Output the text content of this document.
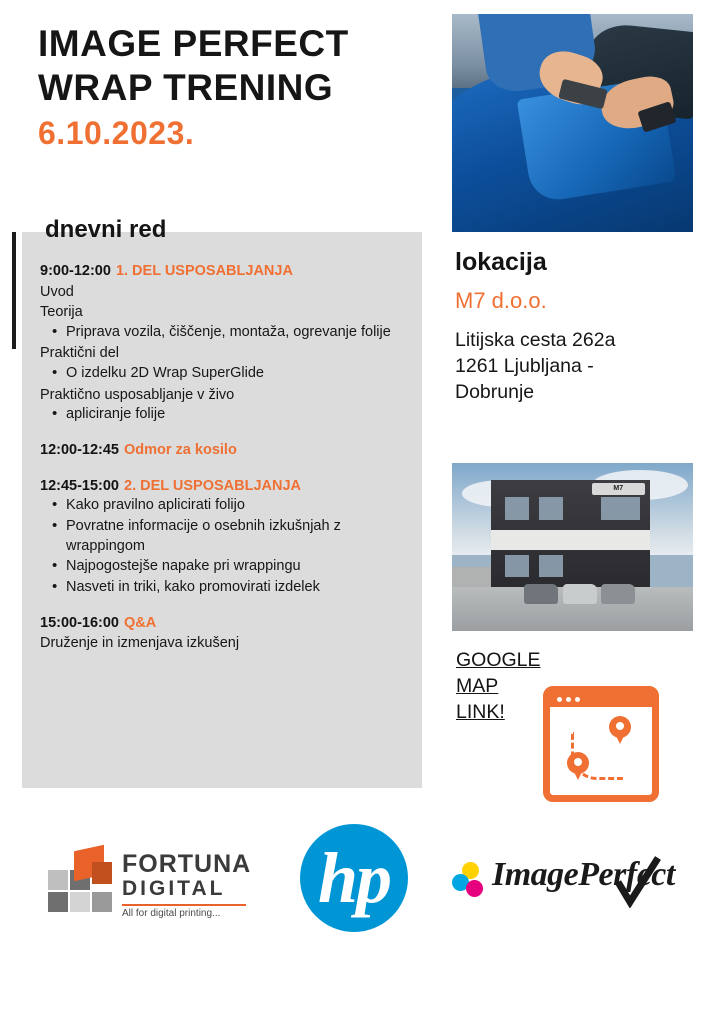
IMAGE PERFECT
WRAP TRENING
6.10.2023.
dnevni red
9:00-12:00 1. DEL USPOSABLJANJA
Uvod
Teorija
• Priprava vozila, čiščenje, montaža, ogrevanje folije
Praktični del
• O izdelku 2D Wrap SuperGlide
Praktično usposabljanje v živo
• apliciranje folije
12:00-12:45 Odmor za kosilo
12:45-15:00 2. DEL USPOSABLJANJA
• Kako pravilno aplicirati folijo
• Povratne informacije o osebnih izkušnjah z wrappingom
• Najpogostejše napake pri wrappingu
• Nasveti in triki, kako promovirati izdelek
15:00-16:00 Q&A
Druženje in izmenjava izkušenj
lokacija
M7 d.o.o.
Litijska cesta 262a
1261 Ljubljana -
Dobrunje
M7
GOOGLE
MAP
LINK!
FORTUNA
DIGITAL
All for digital printing...	hp	ImagePerfect
